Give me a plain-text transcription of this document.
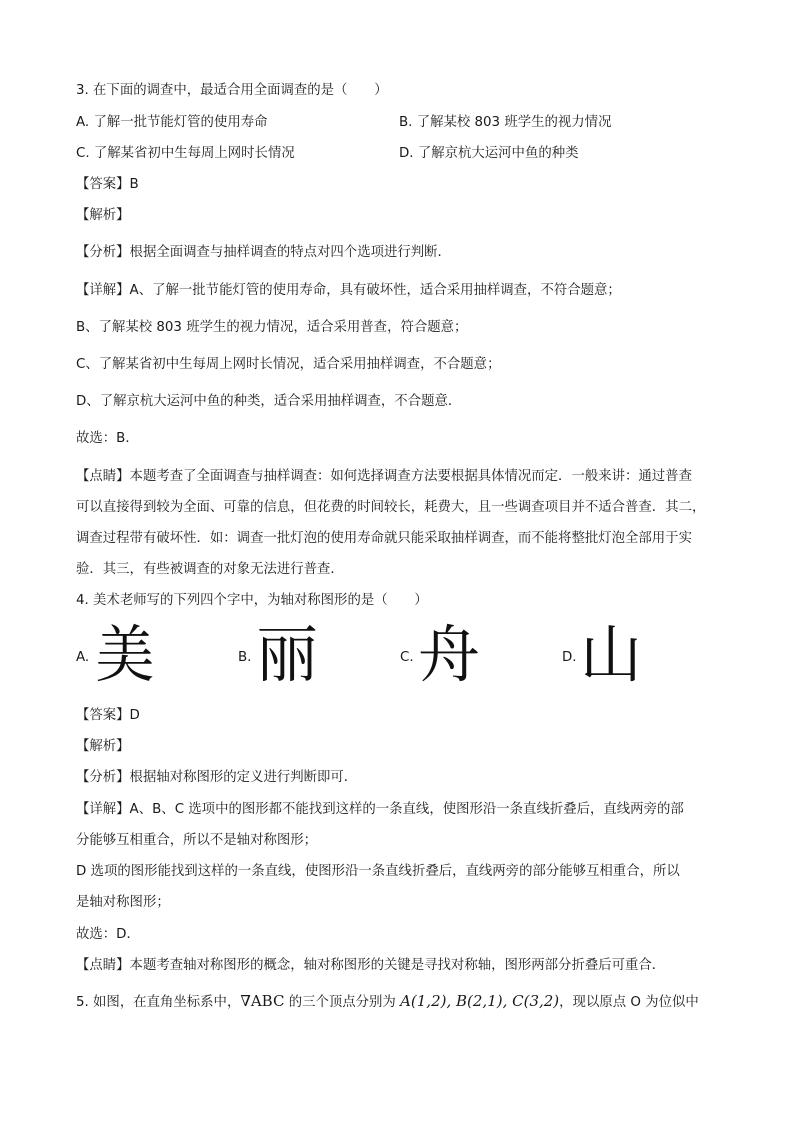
3. 在下面的调查中，最适合用全面调查的是（　　）
A. 了解一批节能灯管的使用寿命	B. 了解某校 803 班学生的视力情况
C. 了解某省初中生每周上网时长情况	D. 了解京杭大运河中鱼的种类
【答案】B
【解析】
【分析】根据全面调查与抽样调查的特点对四个选项进行判断．
【详解】A、了解一批节能灯管的使用寿命，具有破坏性，适合采用抽样调查，不符合题意；
B、了解某校 803 班学生的视力情况，适合采用普查，符合题意；
C、了解某省初中生每周上网时长情况，适合采用抽样调查，不合题意；
D、了解京杭大运河中鱼的种类，适合采用抽样调查，不合题意．
故选：B．
【点睛】本题考查了全面调查与抽样调查：如何选择调查方法要根据具体情况而定．一般来讲：通过普查
可以直接得到较为全面、可靠的信息，但花费的时间较长，耗费大，且一些调查项目并不适合普查．其二，
调查过程带有破坏性．如：调查一批灯泡的使用寿命就只能采取抽样调查，而不能将整批灯泡全部用于实
验．其三，有些被调查的对象无法进行普查．
4. 美术老师写的下列四个字中，为轴对称图形的是（　　）
A. 美	B. 丽	C. 舟	D. 山
【答案】D
【解析】
【分析】根据轴对称图形的定义进行判断即可．
【详解】A、B、C 选项中的图形都不能找到这样的一条直线，使图形沿一条直线折叠后，直线两旁的部
分能够互相重合，所以不是轴对称图形；
D 选项的图形能找到这样的一条直线，使图形沿一条直线折叠后，直线两旁的部分能够互相重合，所以
是轴对称图形；
故选：D．
【点睛】本题考查轴对称图形的概念，轴对称图形的关键是寻找对称轴，图形两部分折叠后可重合．
5. 如图，在直角坐标系中，∇ABC 的三个顶点分别为 A(1,2), B(2,1), C(3,2)，现以原点 O 为位似中
